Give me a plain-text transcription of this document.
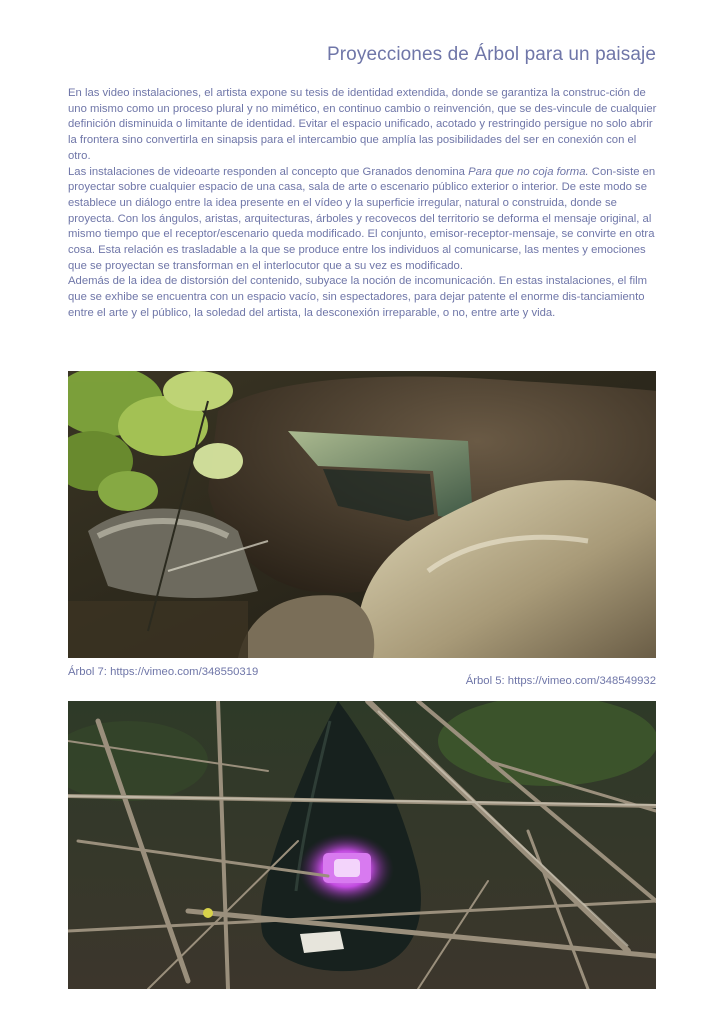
Proyecciones de Árbol para un paisaje

En las video instalaciones, el artista expone su tesis de identidad extendida, donde se garantiza la construc-ción de uno mismo como un proceso plural y no mimético, en continuo cambio o reinvención, que se des-vincule de cualquier definición disminuida o limitante de identidad. Evitar el espacio unificado, acotado y restringido persigue no solo abrir la frontera sino convertirla en sinapsis para el intercambio que amplía las posibilidades del ser en conexión con el otro.

Las instalaciones de videoarte responden al concepto que Granados denomina Para que no coja forma. Con-siste en proyectar sobre cualquier espacio de una casa, sala de arte o escenario público exterior o interior. De este modo se establece un diálogo entre la idea presente en el vídeo y la superficie irregular, natural o construida, donde se proyecta. Con los ángulos, aristas, arquitecturas, árboles y recovecos del territorio se deforma el mensaje original, al mismo tiempo que el receptor/escenario queda modificado. El conjunto, emisor-receptor-mensaje, se convirte en otra cosa. Esta relación es trasladable a la que se produce entre los individuos al comunicarse, las mentes y emociones que se proyectan se transforman en el interlocutor que a su vez es modificado.

Además de la idea de distorsión del contenido, subyace la noción de incomunicación. En estas instalaciones, el film que se exhibe se encuentra con un espacio vacío, sin espectadores, para dejar patente el enorme dis-tanciamiento entre el arte y el público, la soledad del artista, la desconexión irreparable, o no, entre arte y vida.

Árbol 7: https://vimeo.com/348550319
Árbol 5: https://vimeo.com/348549932
